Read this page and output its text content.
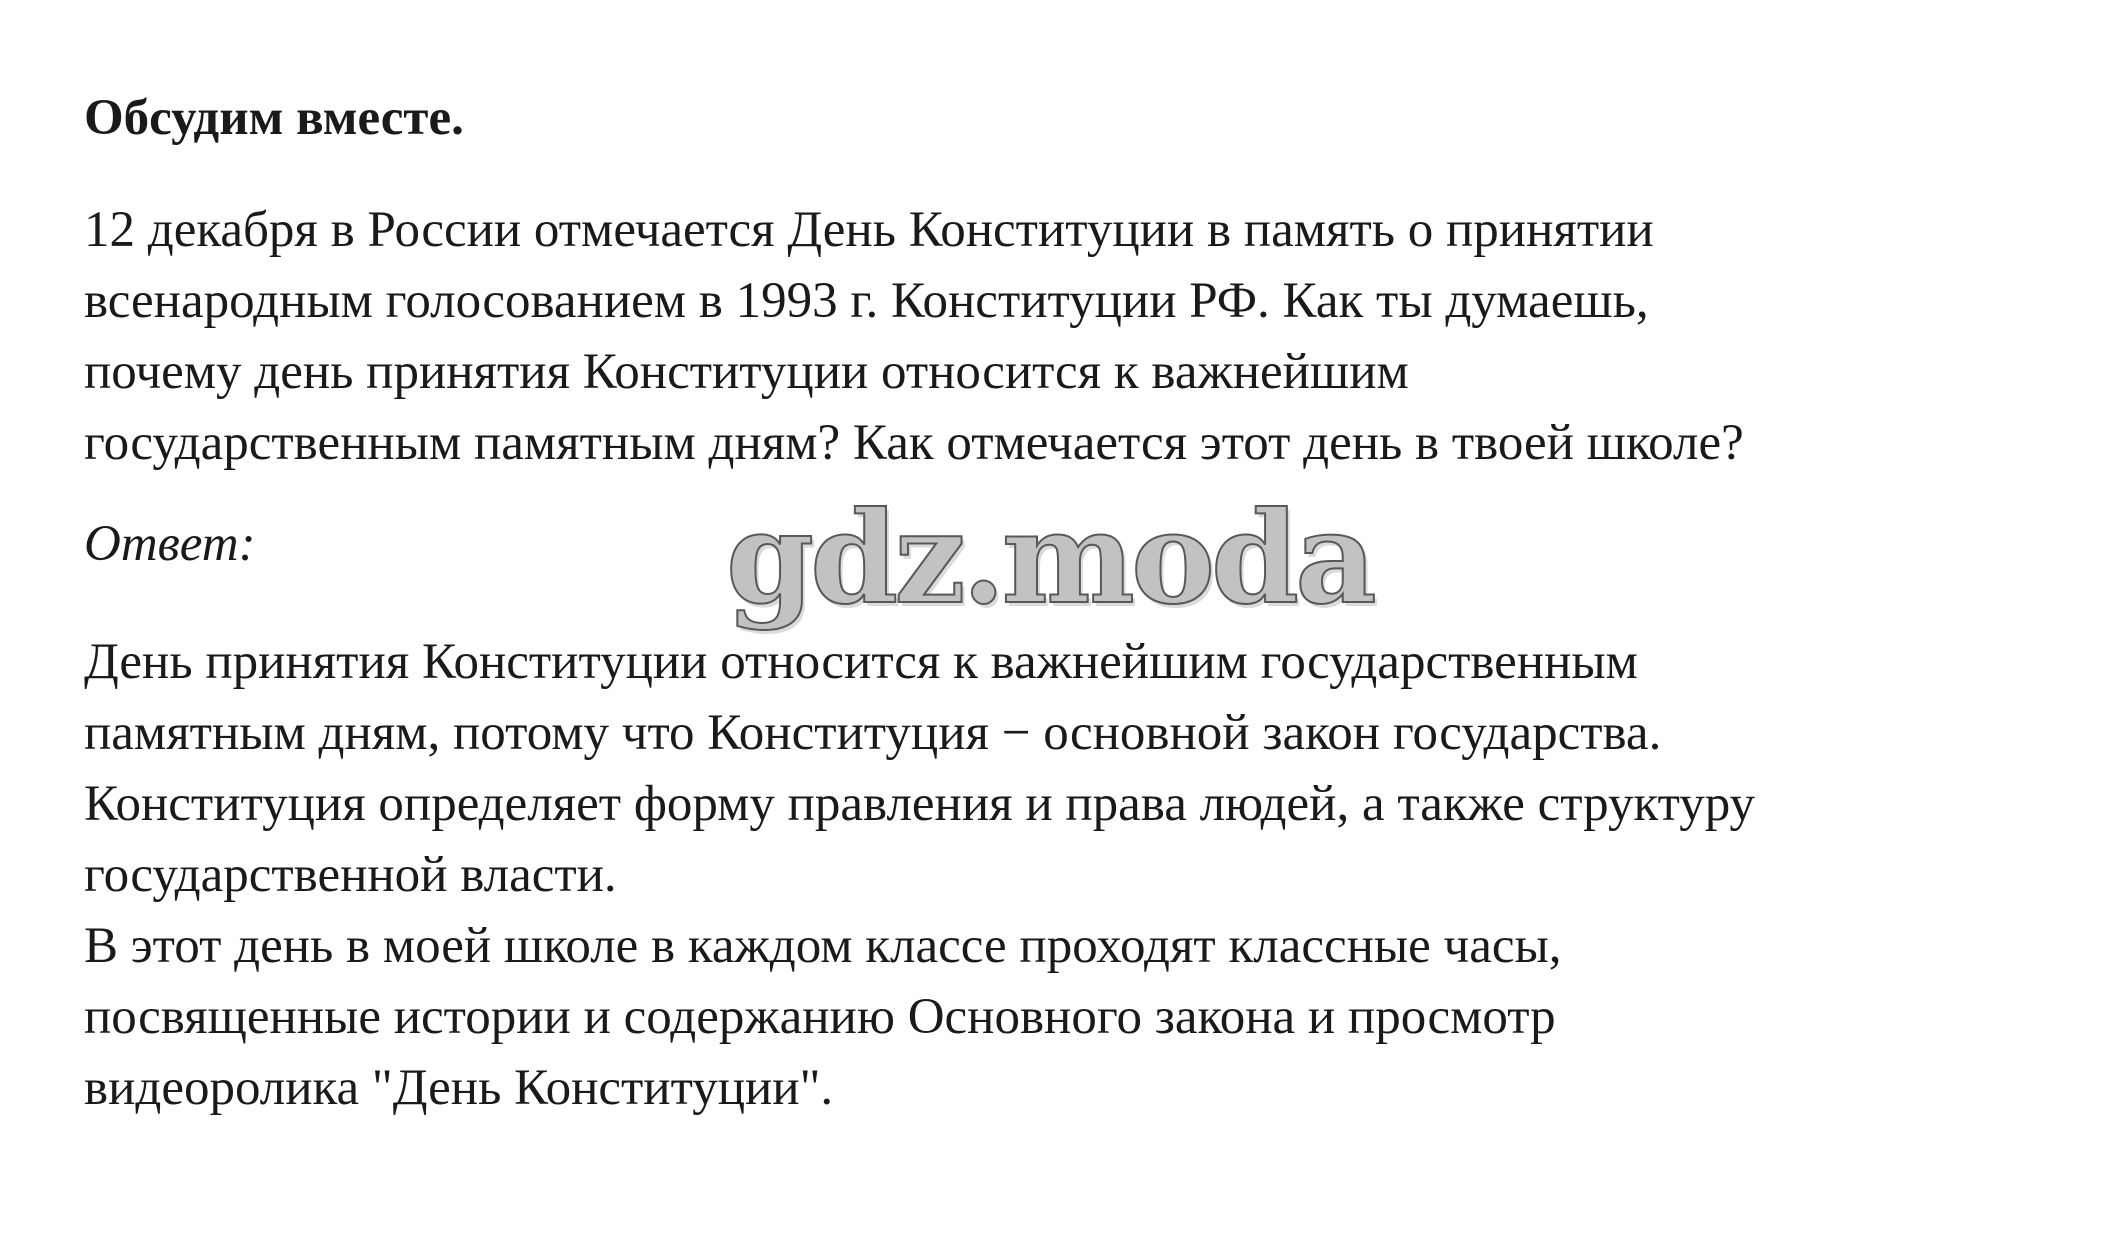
Обсудим вместе.

12 декабря в России отмечается День Конституции в память о принятии
всенародным голосованием в 1993 г. Конституции РФ. Как ты думаешь,
почему день принятия Конституции относится к важнейшим
государственным памятным дням? Как отмечается этот день в твоей школе?

Ответ:	gdz.moda

День принятия Конституции относится к важнейшим государственным
памятным дням, потому что Конституция − основной закон государства.
Конституция определяет форму правления и права людей, а также структуру
государственной власти.
В этот день в моей школе в каждом классе проходят классные часы,
посвященные истории и содержанию Основного закона и просмотр
видеоролика "День Конституции".
